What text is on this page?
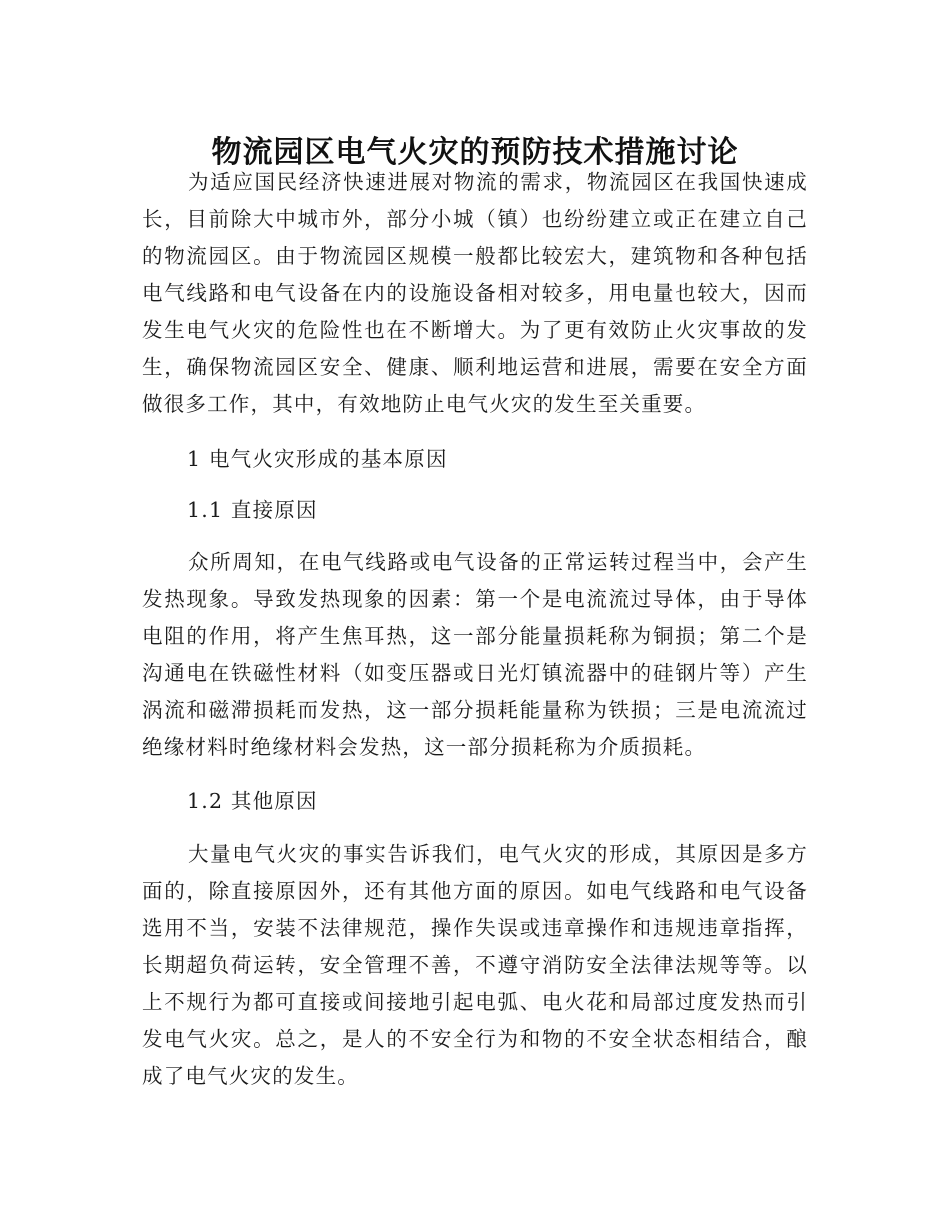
物流园区电气火灾的预防技术措施讨论

为适应国民经济快速进展对物流的需求，物流园区在我国快速成长，目前除大中城市外，部分小城（镇）也纷纷建立或正在建立自己的物流园区。由于物流园区规模一般都比较宏大，建筑物和各种包括电气线路和电气设备在内的设施设备相对较多，用电量也较大，因而发生电气火灾的危险性也在不断增大。为了更有效防止火灾事故的发生，确保物流园区安全、健康、顺利地运营和进展，需要在安全方面做很多工作，其中，有效地防止电气火灾的发生至关重要。

1 电气火灾形成的基本原因

1.1 直接原因

众所周知，在电气线路或电气设备的正常运转过程当中，会产生发热现象。导致发热现象的因素：第一个是电流流过导体，由于导体电阻的作用，将产生焦耳热，这一部分能量损耗称为铜损；第二个是沟通电在铁磁性材料（如变压器或日光灯镇流器中的硅钢片等）产生涡流和磁滞损耗而发热，这一部分损耗能量称为铁损；三是电流流过绝缘材料时绝缘材料会发热，这一部分损耗称为介质损耗。

1.2 其他原因

大量电气火灾的事实告诉我们，电气火灾的形成，其原因是多方面的，除直接原因外，还有其他方面的原因。如电气线路和电气设备选用不当，安装不法律规范，操作失误或违章操作和违规违章指挥，长期超负荷运转，安全管理不善，不遵守消防安全法律法规等等。以上不规行为都可直接或间接地引起电弧、电火花和局部过度发热而引发电气火灾。总之，是人的不安全行为和物的不安全状态相结合，酿成了电气火灾的发生。
